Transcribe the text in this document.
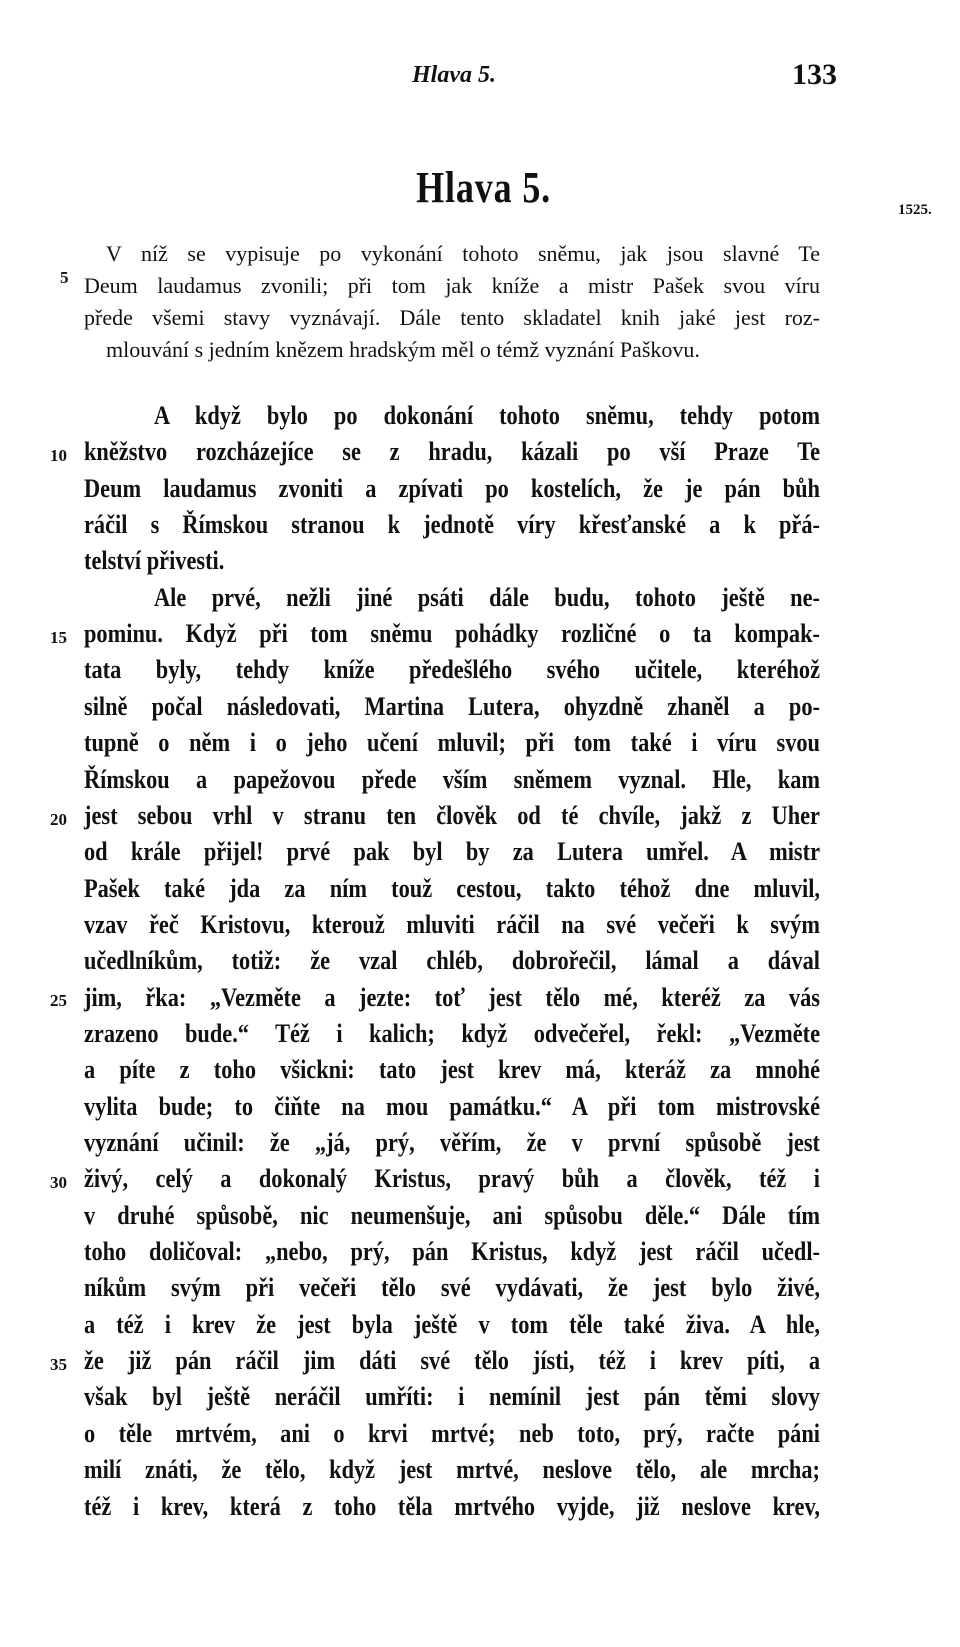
Hlava 5.	133
Hlava 5.	1525.
V níž se vypisuje po vykonání tohoto sněmu, jak jsou slavné Te
Deum laudamus zvonili; při tom jak kníže a mistr Pašek svou víru
přede všemi stavy vyznávají. Dále tento skladatel knih jaké jest roz-
mlouvání s jedním knězem hradským měl o témž vyznání Paškovu.
A když bylo po dokonání tohoto sněmu, tehdy potom
kněžstvo rozcházejíce se z hradu, kázali po vší Praze Te
Deum laudamus zvoniti a zpívati po kostelích, že je pán bůh
ráčil s Římskou stranou k jednotě víry křesťanské a k přá-
telství přivesti.
Ale prvé, nežli jiné psáti dále budu, tohoto ještě ne-
pominu. Když při tom sněmu pohádky rozličné o ta kompak-
tata byly, tehdy kníže předešlého svého učitele, kteréhož
silně počal následovati, Martina Lutera, ohyzdně zhaněl a po-
tupně o něm i o jeho učení mluvil; při tom také i víru svou
Římskou a papežovou přede vším sněmem vyznal. Hle, kam
jest sebou vrhl v stranu ten člověk od té chvíle, jakž z Uher
od krále přijel! prvé pak byl by za Lutera umřel. A mistr
Pašek také jda za ním touž cestou, takto téhož dne mluvil,
vzav řeč Kristovu, kterouž mluviti ráčil na své večeři k svým
učedlníkům, totiž: že vzal chléb, dobrořečil, lámal a dával
jim, řka: „Vezměte a jezte: toť jest tělo mé, kteréž za vás
zrazeno bude.“ Též i kalich; když odvečeřel, řekl: „Vezměte
a píte z toho všickni: tato jest krev má, kteráž za mnohé
vylita bude; to čiňte na mou památku.“ A při tom mistrovské
vyznání učinil: že „já, prý, věřím, že v první spůsobě jest
živý, celý a dokonalý Kristus, pravý bůh a člověk, též i
v druhé spůsobě, nic neumenšuje, ani spůsobu děle.“ Dále tím
toho doličoval: „nebo, prý, pán Kristus, když jest ráčil učedl-
níkům svým při večeři tělo své vydávati, že jest bylo živé,
a též i krev že jest byla ještě v tom těle také živa. A hle,
že již pán ráčil jim dáti své tělo jísti, též i krev píti, a
však byl ještě neráčil umříti: i nemínil jest pán těmi slovy
o těle mrtvém, ani o krvi mrtvé; neb toto, prý, račte páni
milí znáti, že tělo, když jest mrtvé, neslove tělo, ale mrcha;
též i krev, která z toho těla mrtvého vyjde, již neslove krev,
5
10
15
20
25
30
35
